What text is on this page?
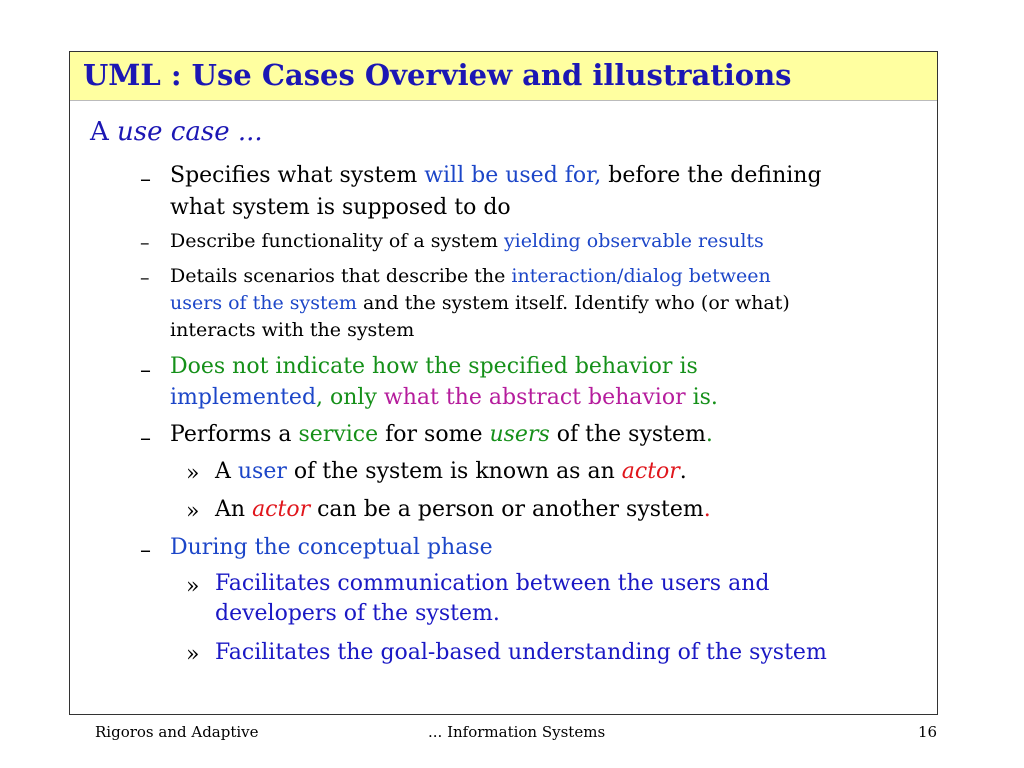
UML : Use Cases Overview and illustrations
A use case ...
– Specifies what system will be used for, before the defining
what system is supposed to do
– Describe functionality of a system yielding observable results
– Details scenarios that describe the interaction/dialog between
users of the system and the system itself. Identify who (or what)
interacts with the system
– Does not indicate how the specified behavior is
implemented, only what the abstract behavior is.
– Performs a service for some users of the system.
» A user of the system is known as an actor.
» An actor can be a person or another system.
– During the conceptual phase
» Facilitates communication between the users and
developers of the system.
» Facilitates the goal-based understanding of the system
Rigoros and Adaptive	... Information Systems	16
